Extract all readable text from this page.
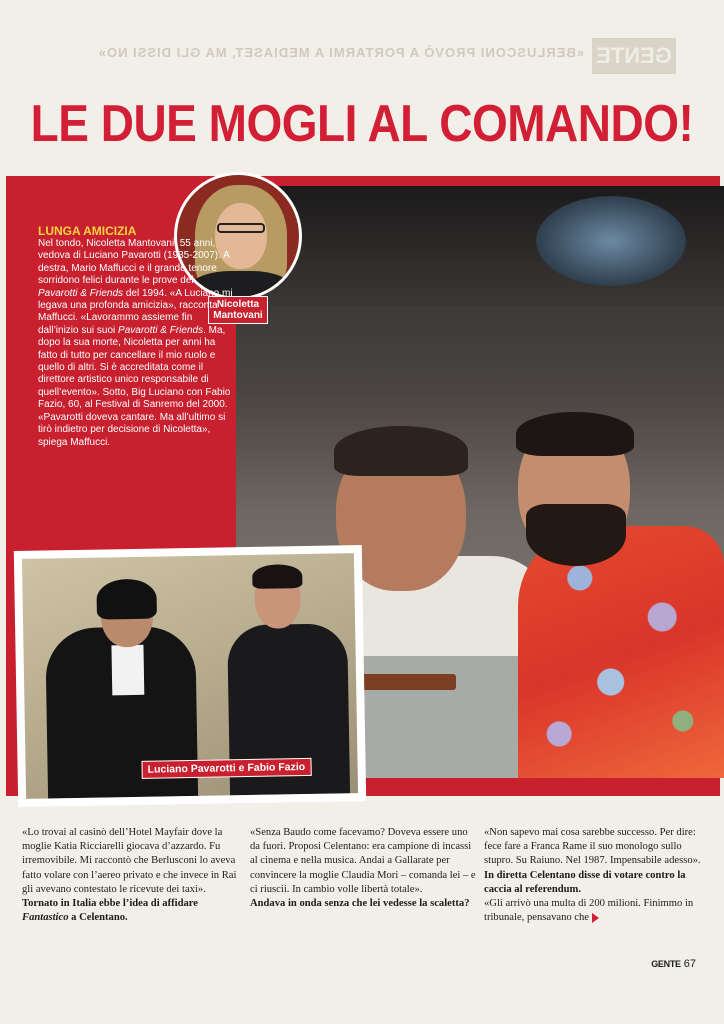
«BERLUSCONI PROVÒ A PORTARMI A MEDIASET, MA GLI DISSI NO» GENTE
LE DUE MOGLI AL COMANDO!
Nicoletta Mantovani
LUNGA AMICIZIA

Nel tondo, Nicoletta Mantovani, 55 anni, vedova di Luciano Pavarotti (1935-2007). A destra, Mario Maffucci e il grande tenore sorridono felici durante le prove del Pavarotti & Friends del 1994. «A Luciano mi legava una profonda amicizia», racconta Maffucci. «Lavorammo assieme fin dall’inizio sui suoi Pavarotti & Friends. Ma, dopo la sua morte, Nicoletta per anni ha fatto di tutto per cancellare il mio ruolo e quello di altri. Si è accreditata come il direttore artistico unico responsabile di quell’evento». Sotto, Big Luciano con Fabio Fazio, 60, al Festival di Sanremo del 2000. «Pavarotti doveva cantare. Ma all’ultimo si tirò indietro per decisione di Nicoletta», spiega Maffucci.

Luciano Pavarotti e Fabio Fazio

«Lo trovai al casinò dell’Hotel Mayfair dove la moglie Katia Ricciarelli giocava d’azzardo. Fu irremovibile. Mi raccontò che Berlusconi lo aveva fatto volare con l’aereo privato e che invece in Rai gli avevano contestato le ricevute dei taxi».

Tornato in Italia ebbe l’idea di affidare Fantastico a Celentano.

«Senza Baudo come facevamo? Doveva essere uno da fuori. Proposi Celentano: era campione di incassi al cinema e nella musica. Andai a Gallarate per convincere la moglie Claudia Mori – comanda lei – e ci riuscii. In cambio volle libertà totale».

Andava in onda senza che lei vedesse la scaletta?

«Non sapevo mai cosa sarebbe successo. Per dire: fece fare a Franca Rame il suo monologo sullo stupro. Su Raiuno. Nel 1987. Impensabile adesso».

In diretta Celentano disse di votare contro la caccia al referendum.

«Gli arrivò una multa di 200 milioni. Finimmo in tribunale, pensavano che

GENTE 67
